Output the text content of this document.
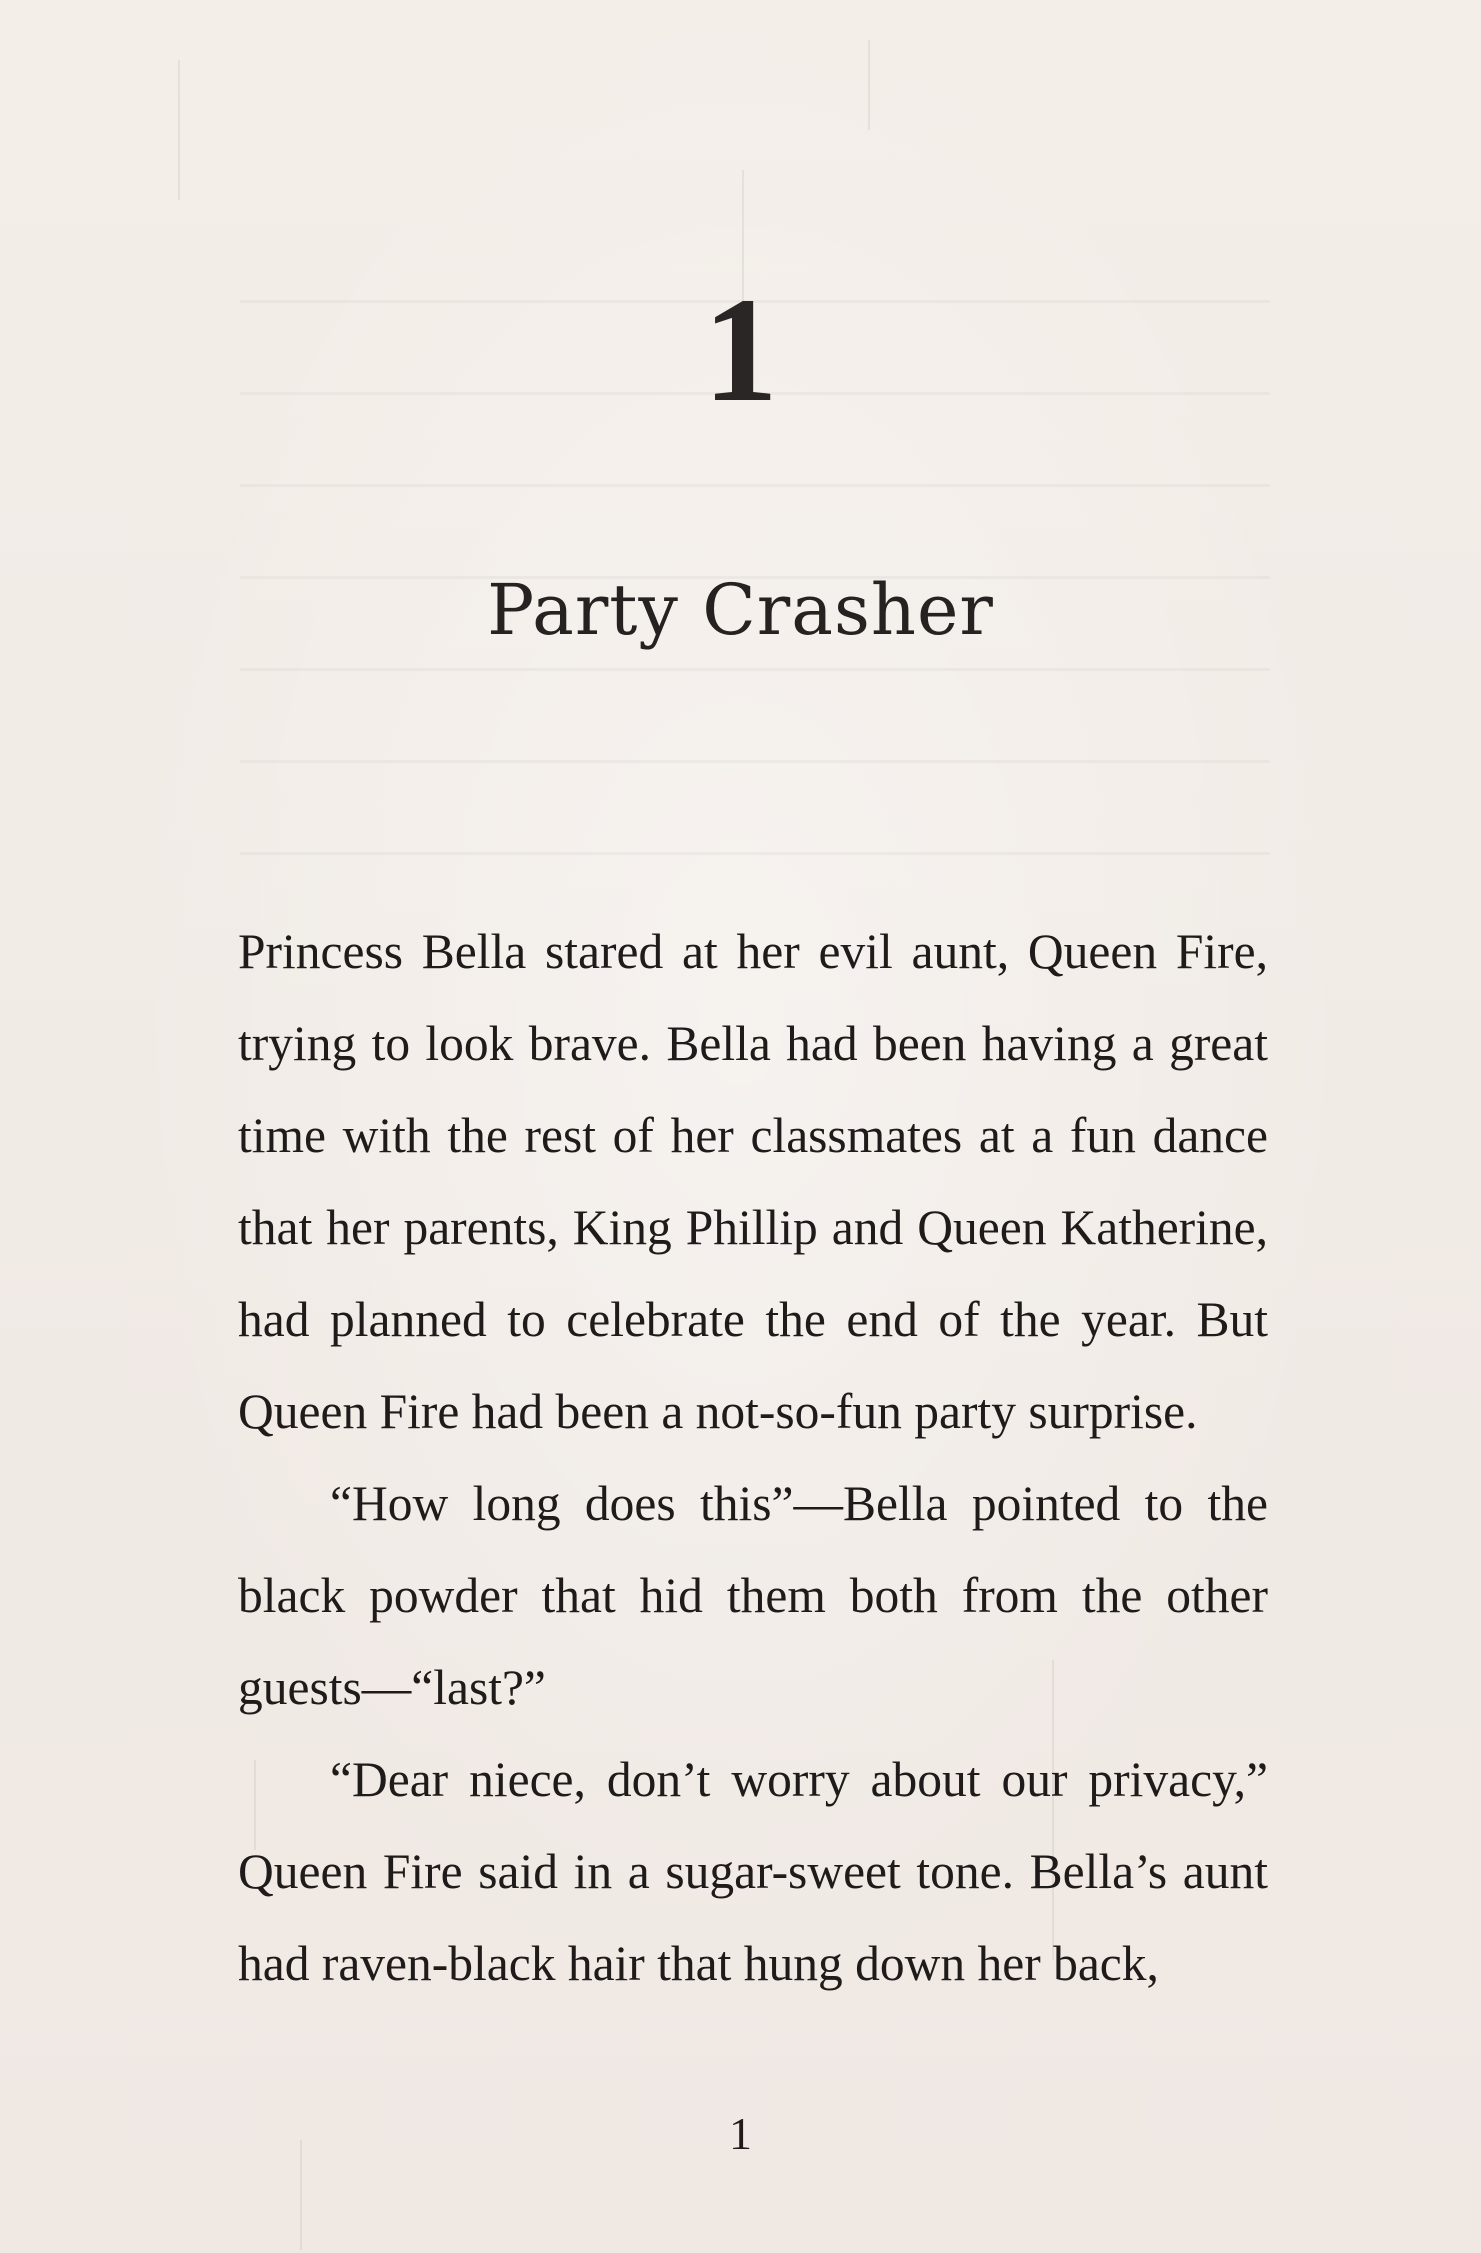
1
Party Crasher

Princess Bella stared at her evil aunt, Queen Fire, trying to look brave. Bella had been having a great time with the rest of her classmates at a fun dance that her parents, King Phillip and Queen Katherine, had planned to celebrate the end of the year. But Queen Fire had been a not-so-fun party surprise.

“How long does this”—Bella pointed to the black powder that hid them both from the other guests—“last?”

“Dear niece, don’t worry about our privacy,” Queen Fire said in a sugar-sweet tone. Bella’s aunt had raven-black hair that hung down her back,

1
